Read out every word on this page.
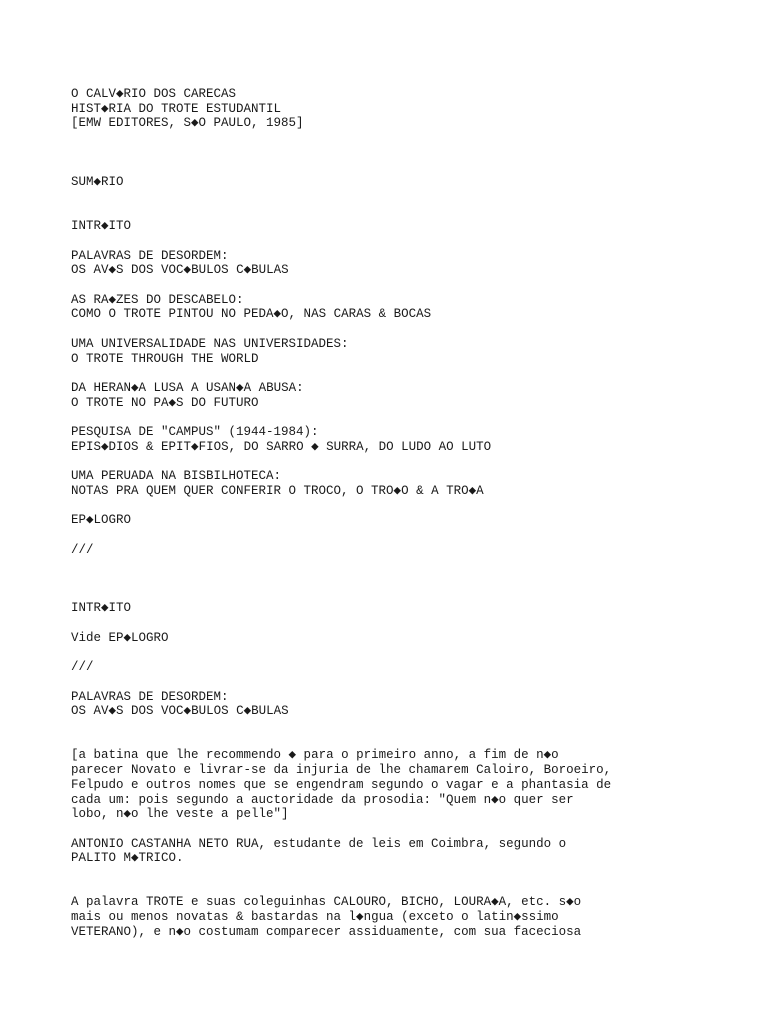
O CALV◆RIO DOS CARECAS
HIST◆RIA DO TROTE ESTUDANTIL
[EMW EDITORES, S◆O PAULO, 1985]
SUM◆RIO
INTR◆ITO
PALAVRAS DE DESORDEM:
OS AV◆S DOS VOC◆BULOS C◆BULAS
AS RA◆ZES DO DESCABELO:
COMO O TROTE PINTOU NO PEDA◆O, NAS CARAS & BOCAS
UMA UNIVERSALIDADE NAS UNIVERSIDADES:
O TROTE THROUGH THE WORLD
DA HERAN◆A LUSA A USAN◆A ABUSA:
O TROTE NO PA◆S DO FUTURO
PESQUISA DE "CAMPUS" (1944-1984):
EPIS◆DIOS & EPIT◆FIOS, DO SARRO ◆ SURRA, DO LUDO AO LUTO
UMA PERUADA NA BISBILHOTECA:
NOTAS PRA QUEM QUER CONFERIR O TROCO, O TRO◆O & A TRO◆A
EP◆LOGRO
///
INTR◆ITO
Vide EP◆LOGRO
///
PALAVRAS DE DESORDEM:
OS AV◆S DOS VOC◆BULOS C◆BULAS
[a batina que lhe recommendo ◆ para o primeiro anno, a fim de n◆o
parecer Novato e livrar-se da injuria de lhe chamarem Caloiro, Boroeiro,
Felpudo e outros nomes que se engendram segundo o vagar e a phantasia de
cada um: pois segundo a auctoridade da prosodia: "Quem n◆o quer ser
lobo, n◆o lhe veste a pelle"]
ANTONIO CASTANHA NETO RUA, estudante de leis em Coimbra, segundo o
PALITO M◆TRICO.
A palavra TROTE e suas coleguinhas CALOURO, BICHO, LOURA◆A, etc. s◆o
mais ou menos novatas & bastardas na l◆ngua (exceto o latin◆ssimo
VETERANO), e n◆o costumam comparecer assiduamente, com sua faceciosa
